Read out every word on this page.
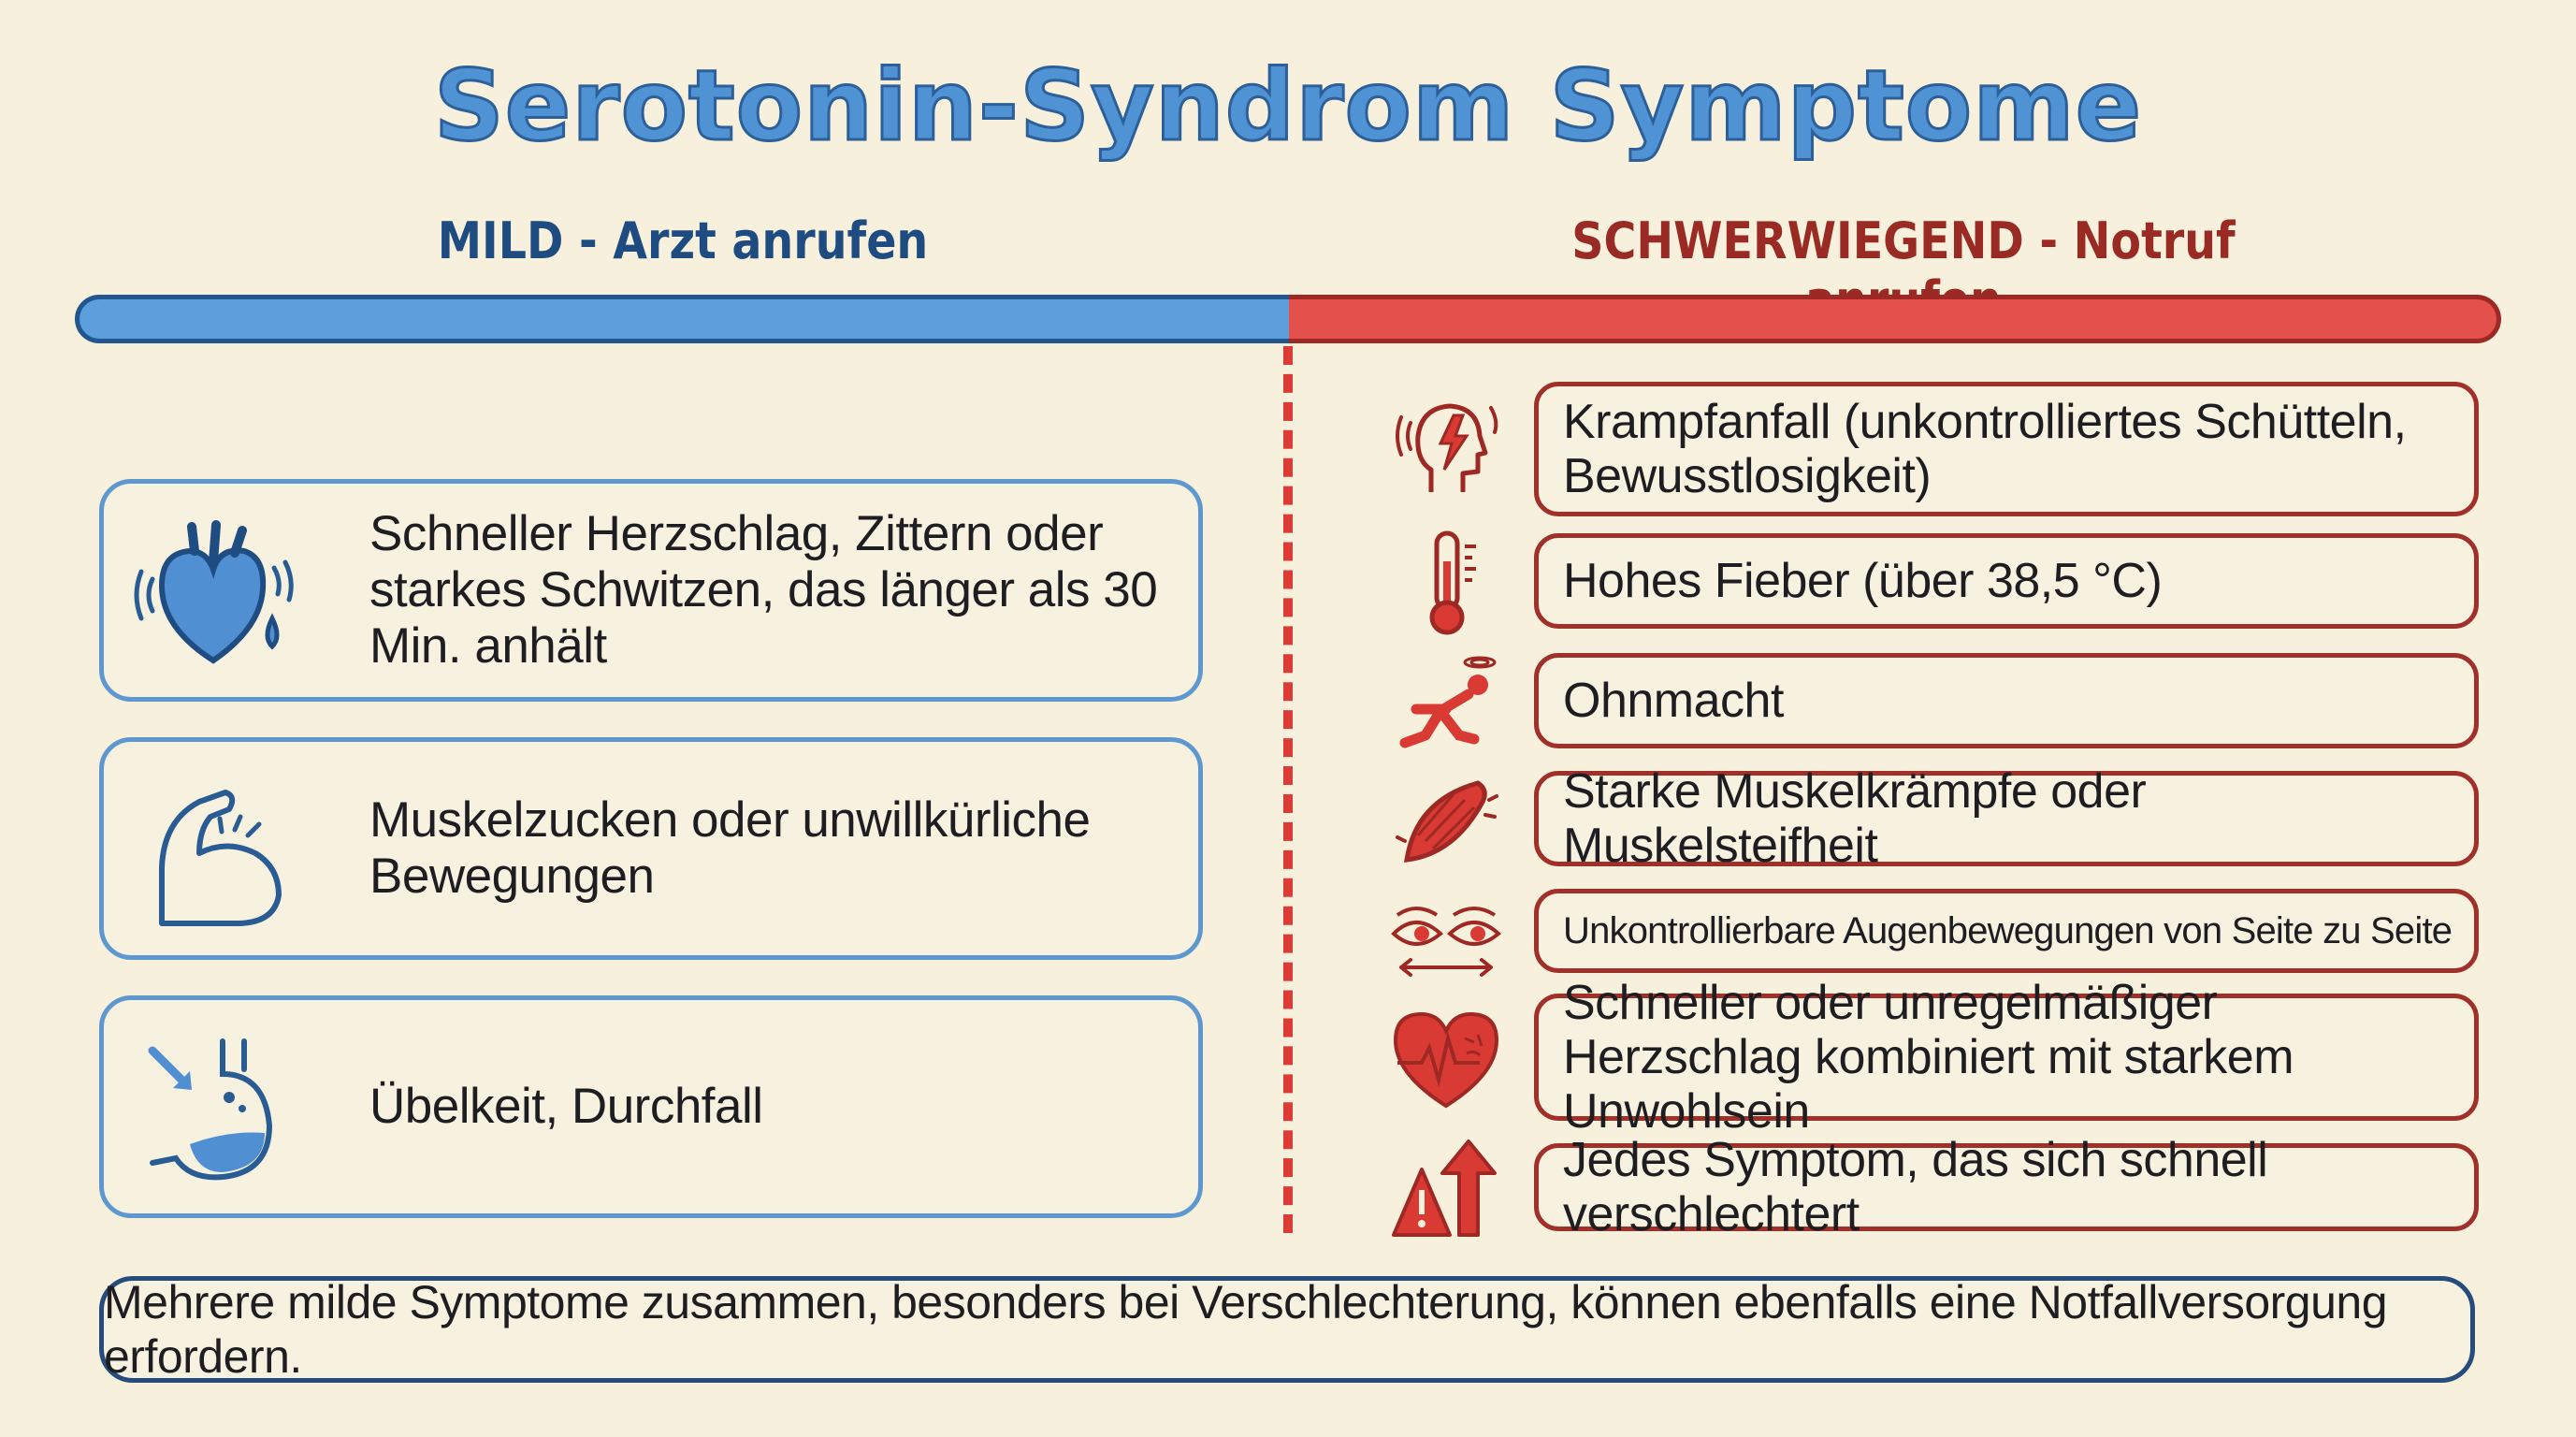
Serotonin-Syndrom Symptome
MILD - Arzt anrufen	SCHWERWIEGEND - Notruf
Schneller Herzschlag, Zittern oder starkes Schwitzen, das länger als 30 Min. anhält
Muskelzucken oder unwillkürliche Bewegungen
Übelkeit, Durchfall
Krampfanfall (unkontrolliertes Schütteln, Bewusstlosigkeit)
Hohes Fieber (über 38,5 °C)
Ohnmacht
Starke Muskelkrämpfe oder Muskelsteifheit
Unkontrollierbare Augenbewegungen von Seite zu Seite
Schneller oder unregelmäßiger Herzschlag kombiniert mit starkem Unwohlsein
Jedes Symptom, das sich schnell verschlechtert
Mehrere milde Symptome zusammen, besonders bei Verschlechterung, können ebenfalls eine Notfallversorgung erfordern.
